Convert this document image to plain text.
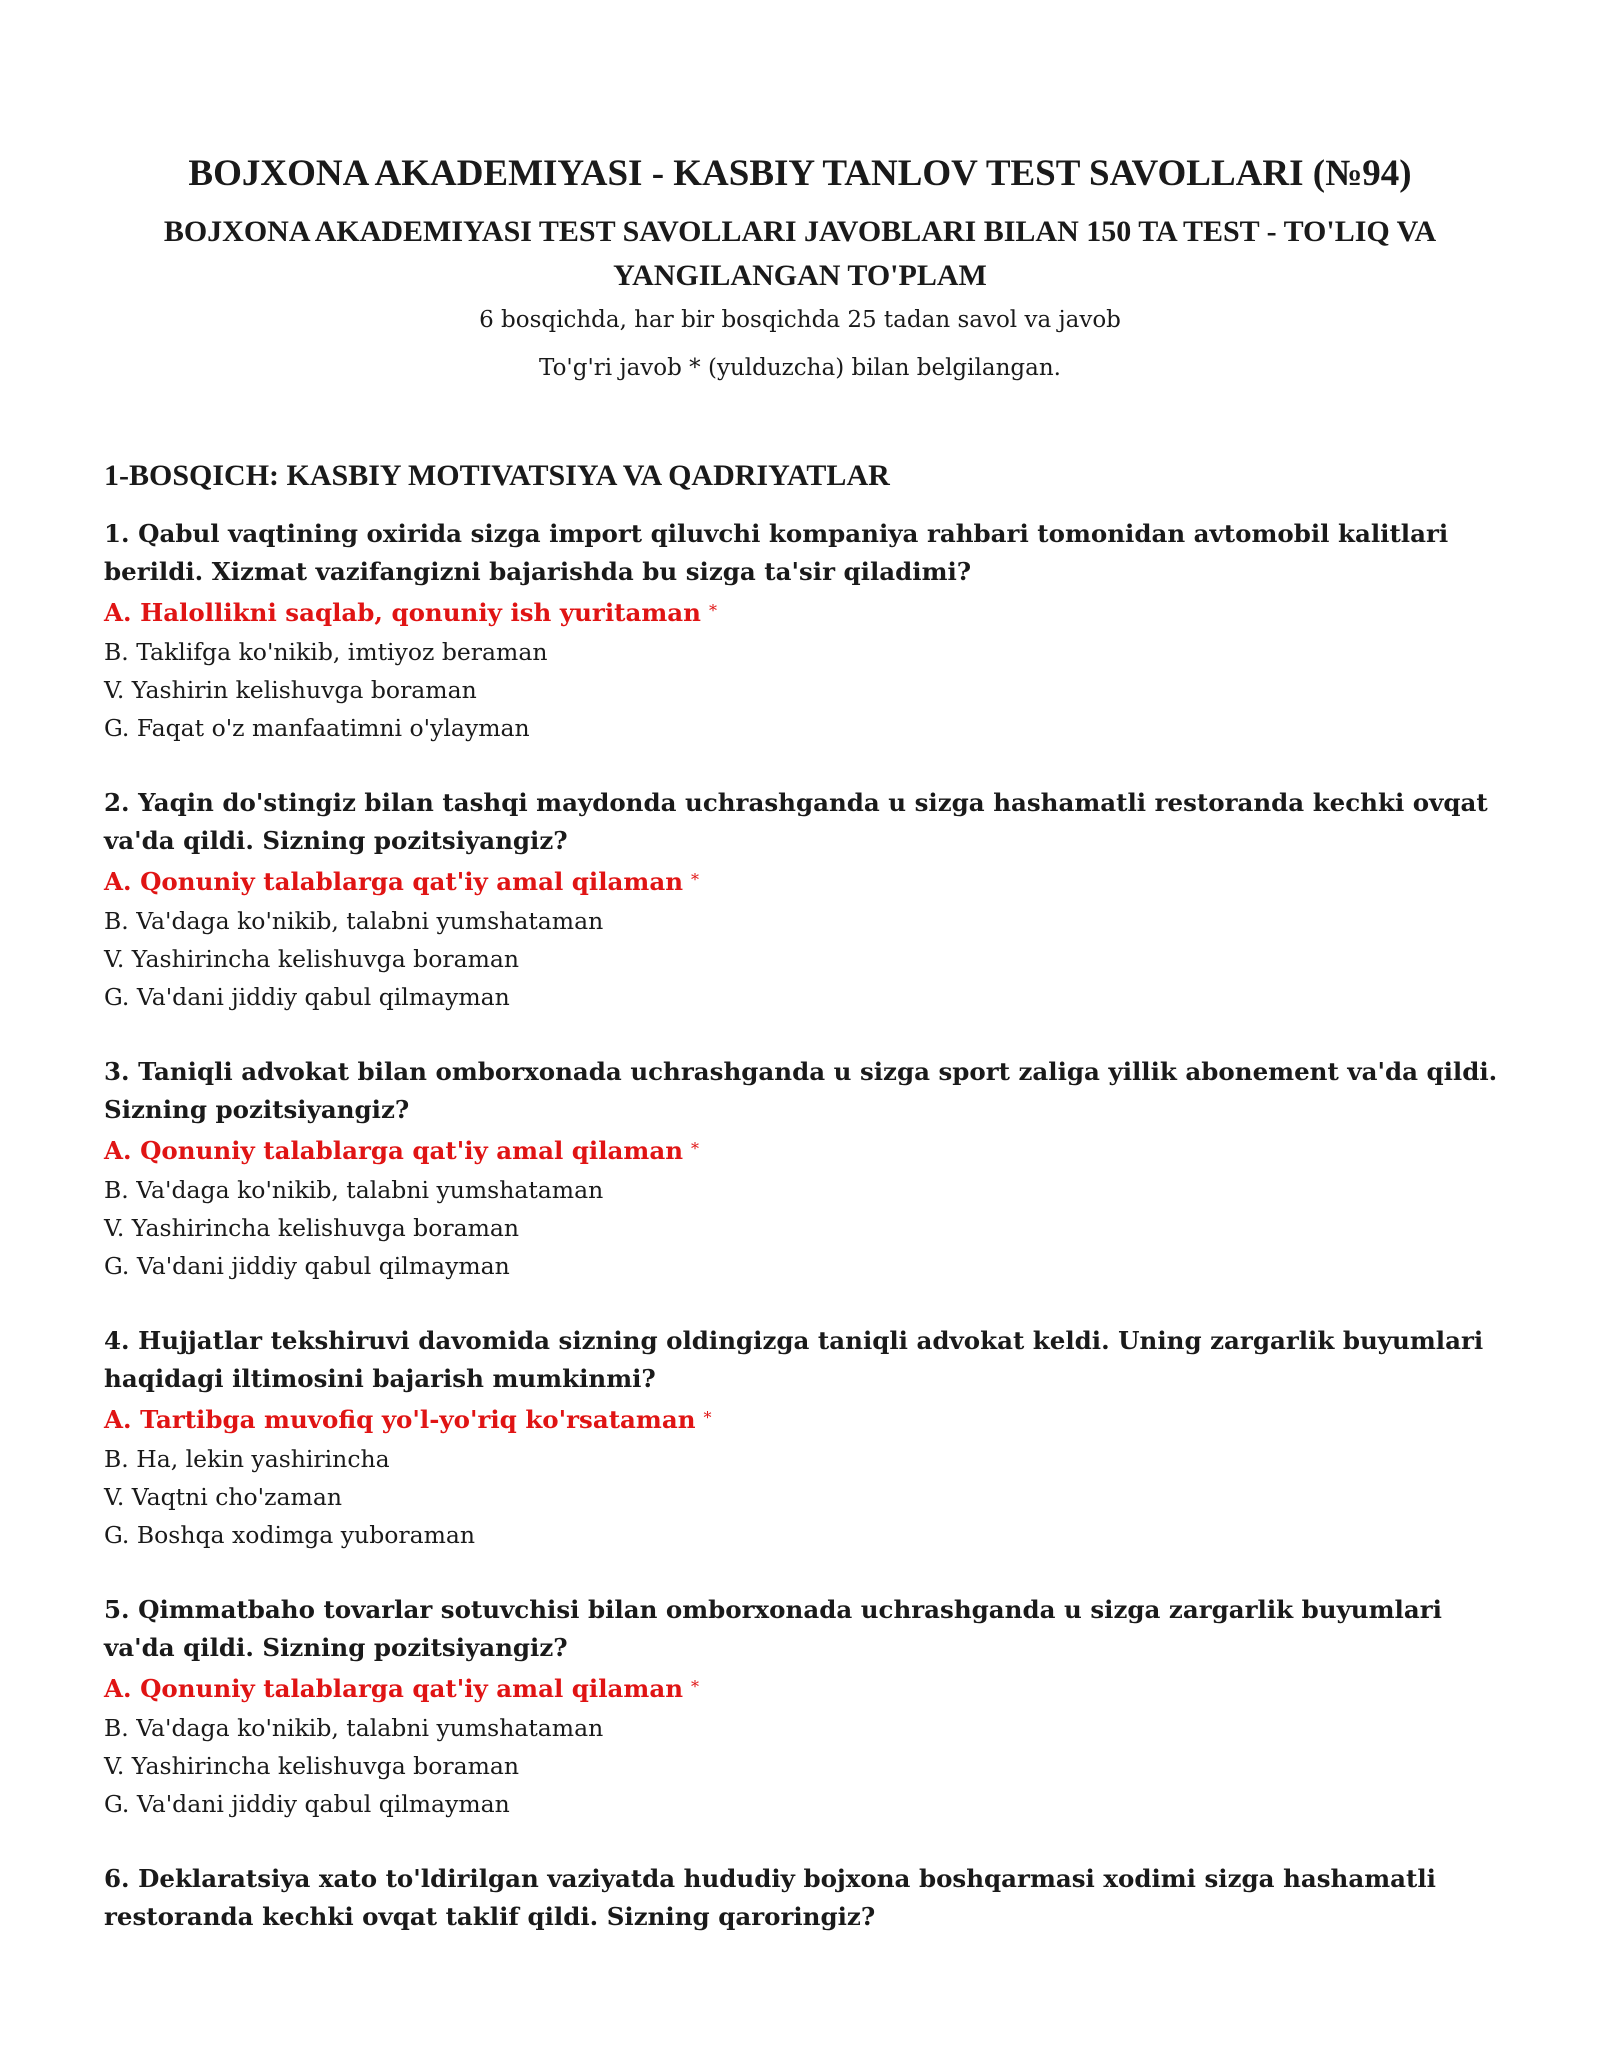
BOJXONA AKADEMIYASI - KASBIY TANLOV TEST SAVOLLARI (№94)
BOJXONA AKADEMIYASI TEST SAVOLLARI JAVOBLARI BILAN 150 TA TEST - TO'LIQ VA YANGILANGAN TO'PLAM

6 bosqichda, har bir bosqichda 25 tadan savol va javob

To'g'ri javob * (yulduzcha) bilan belgilangan.

1-BOSQICH: KASBIY MOTIVATSIYA VA QADRIYATLAR

1. Qabul vaqtining oxirida sizga import qiluvchi kompaniya rahbari tomonidan avtomobil kalitlari berildi. Xizmat vazifangizni bajarishda bu sizga ta'sir qiladimi?

A. Halollikni saqlab, qonuniy ish yuritaman *

B. Taklifga ko'nikib, imtiyoz beraman

V. Yashirin kelishuvga boraman

G. Faqat o'z manfaatimni o'ylayman

2. Yaqin do'stingiz bilan tashqi maydonda uchrashganda u sizga hashamatli restoranda kechki ovqat va'da qildi. Sizning pozitsiyangiz?

A. Qonuniy talablarga qat'iy amal qilaman *

B. Va'daga ko'nikib, talabni yumshataman

V. Yashirincha kelishuvga boraman

G. Va'dani jiddiy qabul qilmayman

3. Taniqli advokat bilan omborxonada uchrashganda u sizga sport zaliga yillik abonement va'da qildi. Sizning pozitsiyangiz?

A. Qonuniy talablarga qat'iy amal qilaman *

B. Va'daga ko'nikib, talabni yumshataman

V. Yashirincha kelishuvga boraman

G. Va'dani jiddiy qabul qilmayman

4. Hujjatlar tekshiruvi davomida sizning oldingizga taniqli advokat keldi. Uning zargarlik buyumlari haqidagi iltimosini bajarish mumkinmi?

A. Tartibga muvofiq yo'l-yo'riq ko'rsataman *

B. Ha, lekin yashirincha

V. Vaqtni cho'zaman

G. Boshqa xodimga yuboraman

5. Qimmatbaho tovarlar sotuvchisi bilan omborxonada uchrashganda u sizga zargarlik buyumlari va'da qildi. Sizning pozitsiyangiz?

A. Qonuniy talablarga qat'iy amal qilaman *

B. Va'daga ko'nikib, talabni yumshataman

V. Yashirincha kelishuvga boraman

G. Va'dani jiddiy qabul qilmayman

6. Deklaratsiya xato to'ldirilgan vaziyatda hududiy bojxona boshqarmasi xodimi sizga hashamatli restoranda kechki ovqat taklif qildi. Sizning qaroringiz?
